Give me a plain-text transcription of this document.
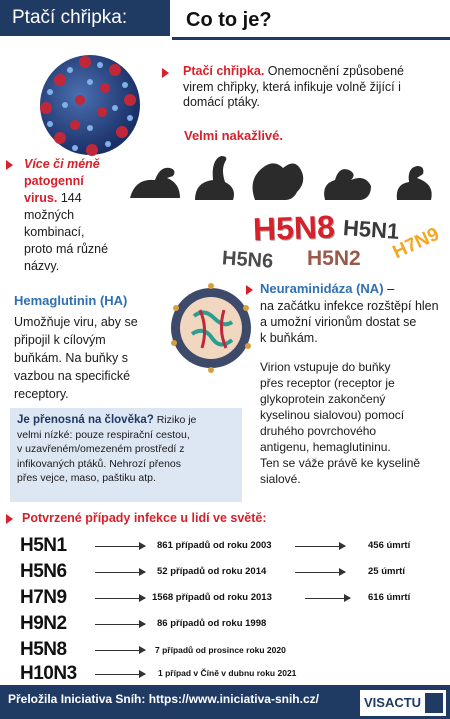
Ptačí chřipka:	Co to je?
Ptačí chřipka. Onemocnění způsobené
virem chřipky, která infikuje volně žijící i
domácí ptáky.
Velmi nakažlivé.
Více či méně
patogenní
virus. 144
možných
kombinací,
proto má různé
názvy.
H5N8 H5N1
H7N9
H5N6 H5N2
Hemaglutinin (HA)
Umožňuje viru, aby se
připojil k cílovým
buňkám. Na buňky s
vazbou na specifické
receptory.
Neuraminidáza (NA) –
na začátku infekce rozštěpí hlen
a umožní virionům dostat se
k buňkám.
Virion vstupuje do buňky
přes receptor (receptor je
glykoprotein zakončený
kyselinou sialovou) pomocí
druhého povrchového
antigenu, hemaglutininu.
Ten se váže právě ke kyselině
sialové.
Je přenosná na člověka? Riziko je
velmi nízké: pouze respirační cestou,
v uzavřeném/omezeném prostředí z
infikovaných ptáků. Nehrozí přenos
přes vejce, maso, paštiku atp.
Potvrzené případy infekce u lidí ve světě:
H5N1	861 případů od roku 2003	456 úmrtí
H5N6	52 případů od roku 2014	25 úmrtí
H7N9	1568 případů od roku 2013	616 úmrtí
H9N2	86 případů od roku 1998
H5N8	7 případů od prosince roku 2020
H10N3	1 případ v Číně v dubnu roku 2021
Přeložila Iniciativa Sníh: https://www.iniciativa-snih.cz/	VISACTU
